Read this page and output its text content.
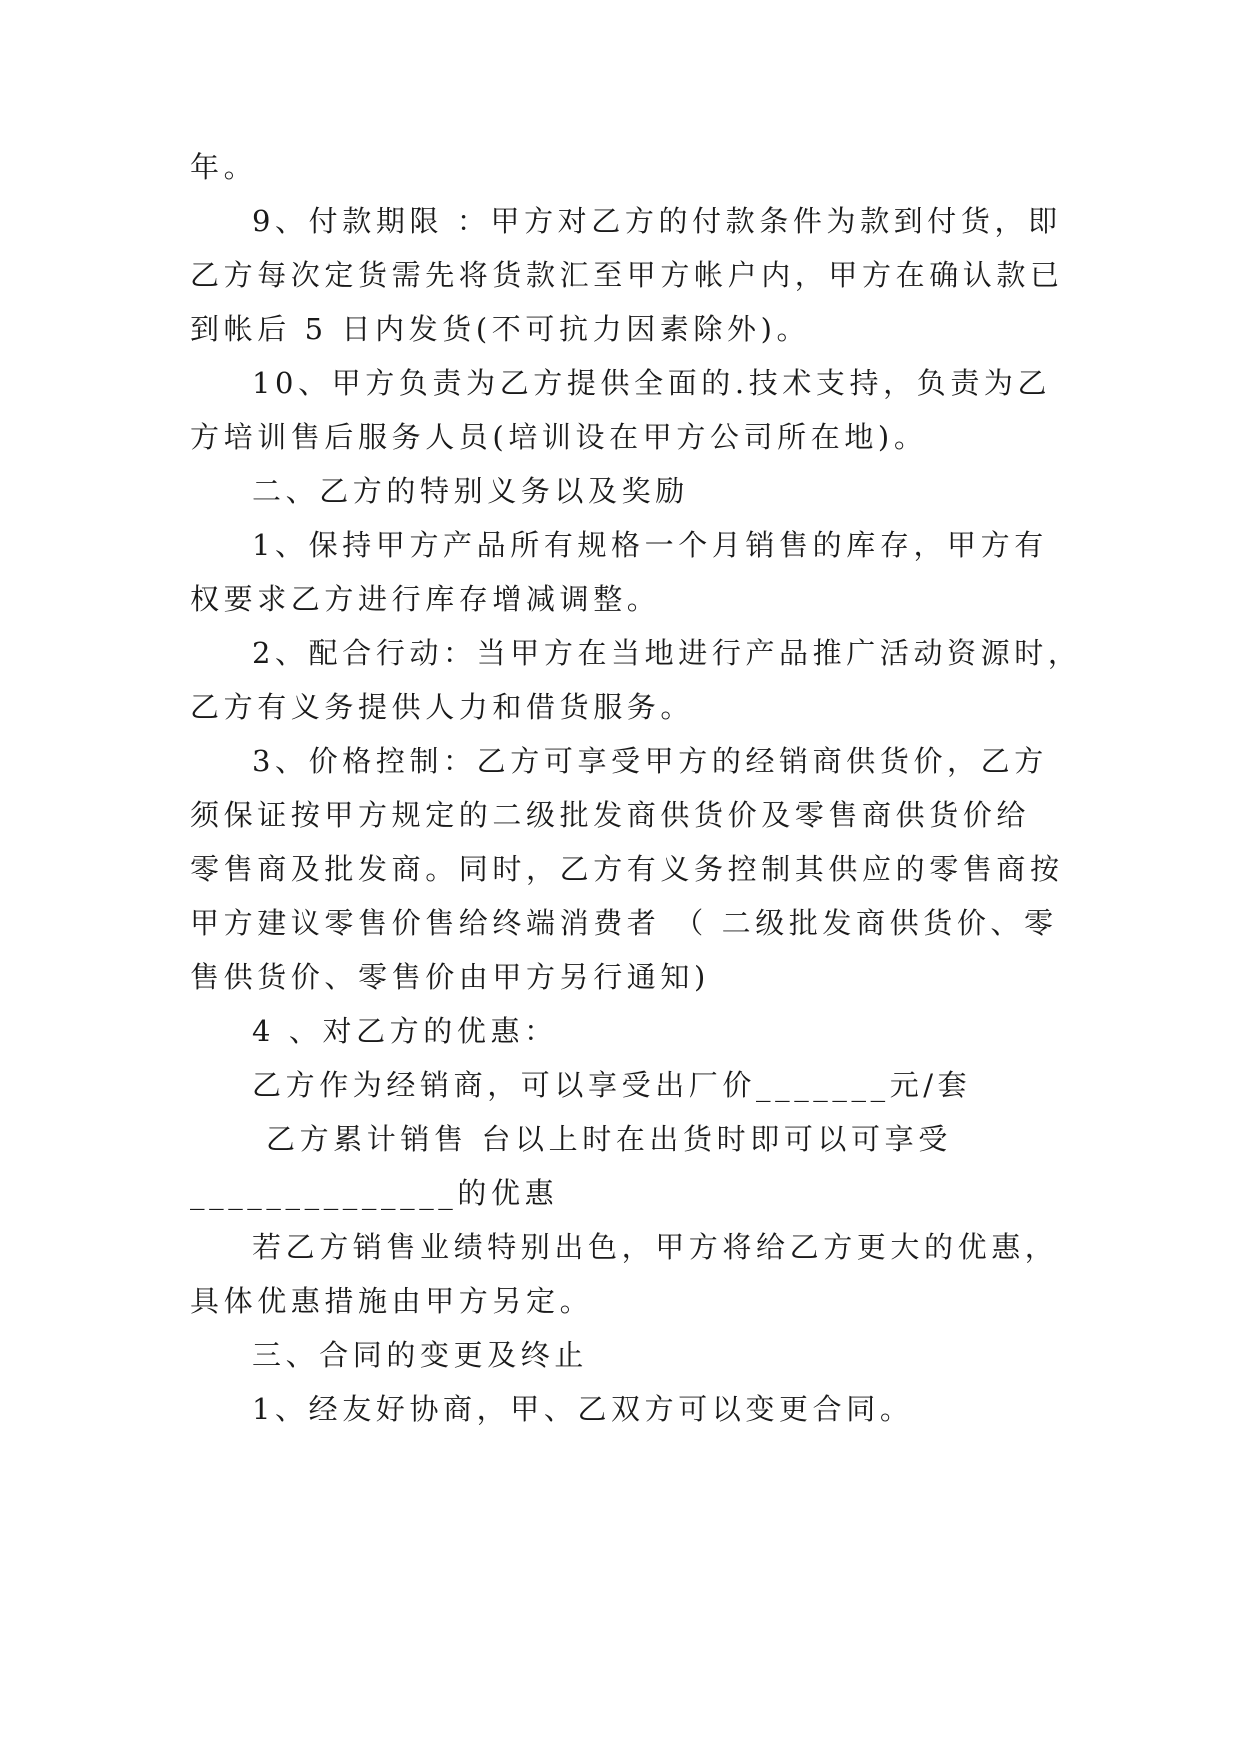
年。
9、付款期限 ：甲方对乙方的付款条件为款到付货，即
乙方每次定货需先将货款汇至甲方帐户内，甲方在确认款已
到帐后 5 日内发货(不可抗力因素除外)。
10、甲方负责为乙方提供全面的.技术支持，负责为乙
方培训售后服务人员(培训设在甲方公司所在地)。
二、乙方的特别义务以及奖励
1、保持甲方产品所有规格一个月销售的库存，甲方有
权要求乙方进行库存增减调整。
2、配合行动：当甲方在当地进行产品推广活动资源时，
乙方有义务提供人力和借货服务。
3、价格控制：乙方可享受甲方的经销商供货价，乙方
须保证按甲方规定的二级批发商供货价及零售商供货价给
零售商及批发商。同时，乙方有义务控制其供应的零售商按
甲方建议零售价售给终端消费者 （ 二级批发商供货价、零
售供货价、零售价由甲方另行通知)
4 、对乙方的优惠：
乙方作为经销商，可以享受出厂价_______元/套
乙方累计销售 台以上时在出货时即可以可享受
______________的优惠
若乙方销售业绩特别出色，甲方将给乙方更大的优惠，
具体优惠措施由甲方另定。
三、合同的变更及终止
1、经友好协商，甲、乙双方可以变更合同。
